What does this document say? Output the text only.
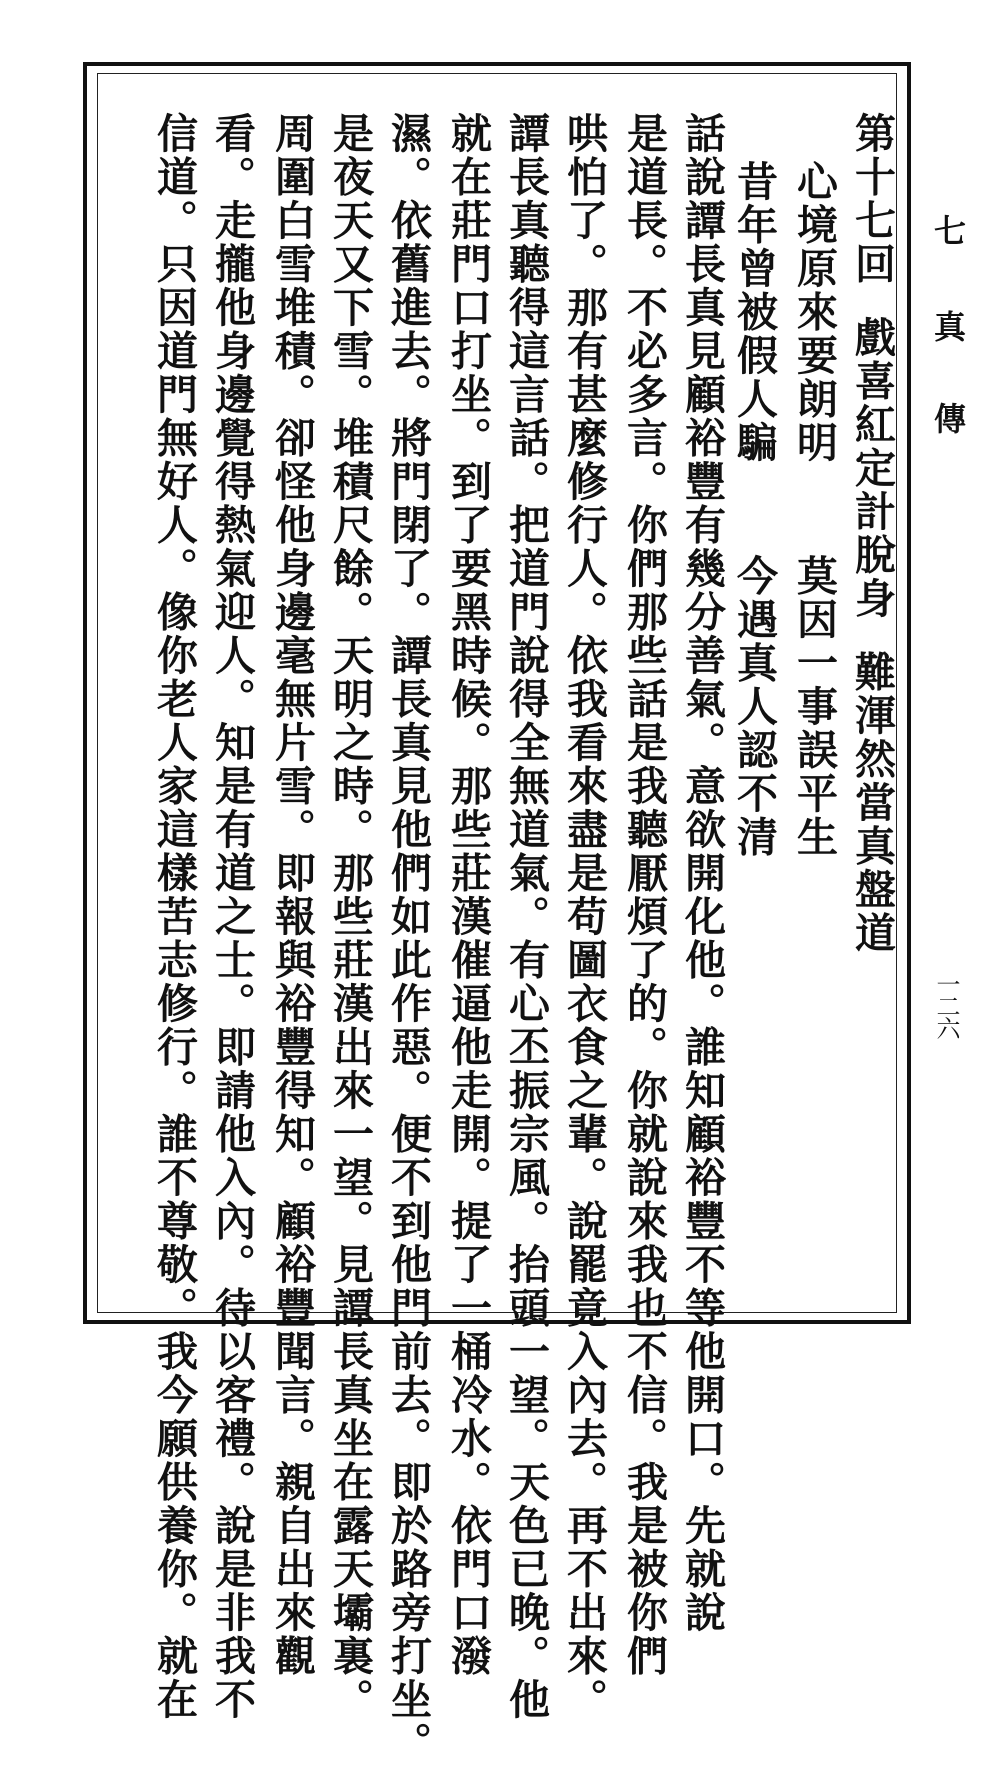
七
真
傳
一二六
第十七回戲喜紅定計脫身難渾然當真盤道
心境原來要朗明莫因一事誤平生
昔年曾被假人騙今遇真人認不清
話說譚長真見顧裕豐有幾分善氣。意欲開化他。誰知顧裕豐不等他開口。先就說
是道長。不必多言。你們那些話是我聽厭煩了的。你就說來我也不信。我是被你們
哄怕了。那有甚麼修行人。依我看來盡是苟圖衣食之輩。說罷竟入內去。再不出來。
譚長真聽得這言話。把道門說得全無道氣。有心丕振宗風。抬頭一望。天色已晚。他
就在莊門口打坐。到了要黑時候。那些莊漢催逼他走開。提了一桶冷水。依門口潑
濕。依舊進去。將門閉了。譚長真見他們如此作惡。便不到他門前去。即於路旁打坐。
是夜天又下雪。堆積尺餘。天明之時。那些莊漢出來一望。見譚長真坐在露天壩裏。
周圍白雪堆積。卻怪他身邊毫無片雪。即報與裕豐得知。顧裕豐聞言。親自出來觀
看。走攏他身邊覺得熱氣迎人。知是有道之士。即請他入內。待以客禮。說是非我不
信道。只因道門無好人。像你老人家這樣苦志修行。誰不尊敬。我今願供養你。就在
